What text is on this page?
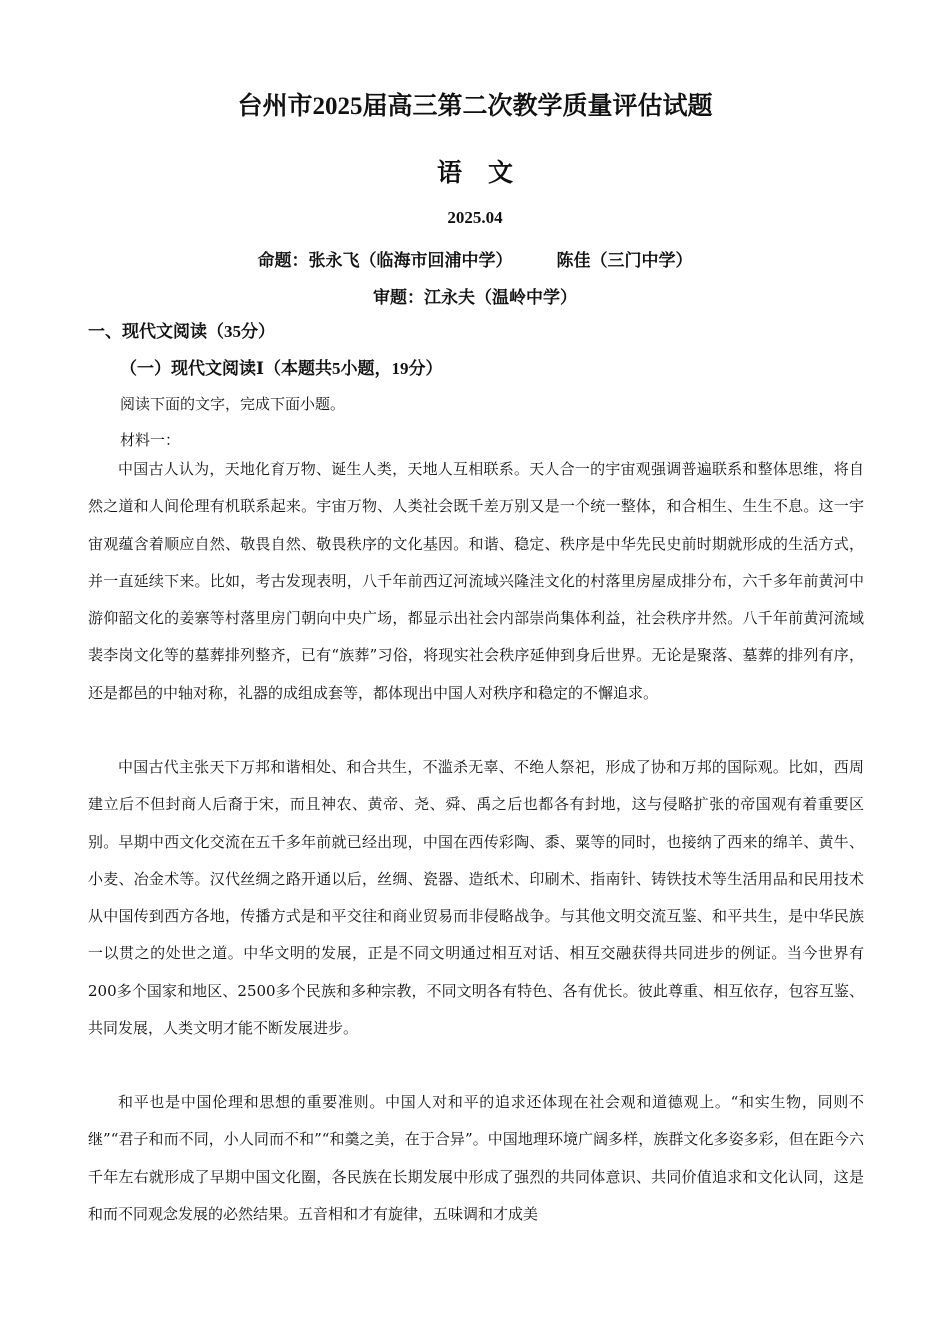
台州市2025届高三第二次教学质量评估试题
语文
2025.04
命题：张永飞（临海市回浦中学）	陈佳（三门中学）
审题：江永夫（温岭中学）
一、现代文阅读（35分）
（一）现代文阅读Ⅰ（本题共5小题，19分）
阅读下面的文字，完成下面小题。
材料一：

中国古人认为，天地化育万物、诞生人类，天地人互相联系。天人合一的宇宙观强调普遍联系和整体思维，将自然之道和人间伦理有机联系起来。宇宙万物、人类社会既千差万别又是一个统一整体，和合相生、生生不息。这一宇宙观蕴含着顺应自然、敬畏自然、敬畏秩序的文化基因。和谐、稳定、秩序是中华先民史前时期就形成的生活方式，并一直延续下来。比如，考古发现表明，八千年前西辽河流域兴隆洼文化的村落里房屋成排分布，六千多年前黄河中游仰韶文化的姜寨等村落里房门朝向中央广场，都显示出社会内部崇尚集体利益，社会秩序井然。八千年前黄河流域裴李岗文化等的墓葬排列整齐，已有“族葬”习俗，将现实社会秩序延伸到身后世界。无论是聚落、墓葬的排列有序，还是都邑的中轴对称，礼器的成组成套等，都体现出中国人对秩序和稳定的不懈追求。

中国古代主张天下万邦和谐相处、和合共生，不滥杀无辜、不绝人祭祀，形成了协和万邦的国际观。比如，西周建立后不但封商人后裔于宋，而且神农、黄帝、尧、舜、禹之后也都各有封地，这与侵略扩张的帝国观有着重要区别。早期中西文化交流在五千多年前就已经出现，中国在西传彩陶、黍、粟等的同时，也接纳了西来的绵羊、黄牛、小麦、冶金术等。汉代丝绸之路开通以后，丝绸、瓷器、造纸术、印刷术、指南针、铸铁技术等生活用品和民用技术从中国传到西方各地，传播方式是和平交往和商业贸易而非侵略战争。与其他文明交流互鉴、和平共生，是中华民族一以贯之的处世之道。中华文明的发展，正是不同文明通过相互对话、相互交融获得共同进步的例证。当今世界有200多个国家和地区、2500多个民族和多种宗教，不同文明各有特色、各有优长。彼此尊重、相互依存，包容互鉴、共同发展，人类文明才能不断发展进步。

和平也是中国伦理和思想的重要准则。中国人对和平的追求还体现在社会观和道德观上。“和实生物，同则不继”“君子和而不同，小人同而不和”“和羹之美，在于合异”。中国地理环境广阔多样，族群文化多姿多彩，但在距今六千年左右就形成了早期中国文化圈，各民族在长期发展中形成了强烈的共同体意识、共同价值追求和文化认同，这是和而不同观念发展的必然结果。五音相和才有旋律，五味调和才成美
